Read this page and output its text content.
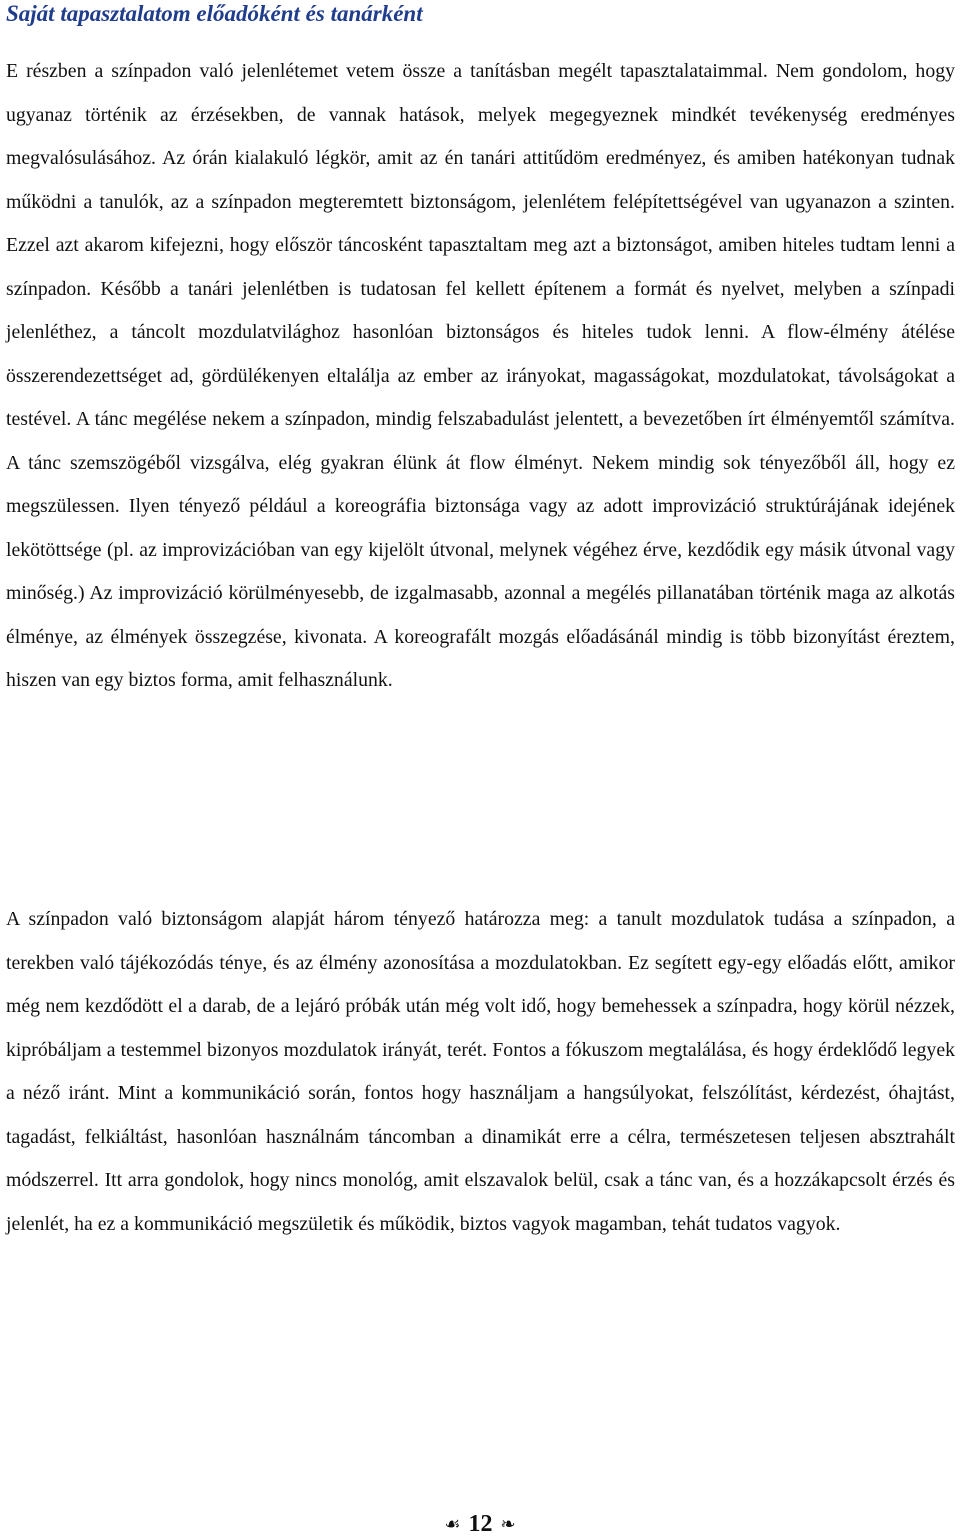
Saját tapasztalatom előadóként és tanárként

E részben a színpadon való jelenlétemet vetem össze a tanításban megélt tapasztalataimmal. Nem gondolom, hogy ugyanaz történik az érzésekben, de vannak hatások, melyek megegyeznek mindkét tevékenység eredményes megvalósulásához. Az órán kialakuló légkör, amit az én tanári attitűdöm eredményez, és amiben hatékonyan tudnak működni a tanulók, az a színpadon megteremtett biztonságom, jelenlétem felépítettségével van ugyanazon a szinten. Ezzel azt akarom kifejezni, hogy először táncosként tapasztaltam meg azt a biztonságot, amiben hiteles tudtam lenni a színpadon. Később a tanári jelenlétben is tudatosan fel kellett építenem a formát és nyelvet, melyben a színpadi jelenléthez, a táncolt mozdulatvilághoz hasonlóan biztonságos és hiteles tudok lenni. A flow-élmény átélése összerendezettséget ad, gördülékenyen eltalálja az ember az irányokat, magasságokat, mozdulatokat, távolságokat a testével. A tánc megélése nekem a színpadon, mindig felszabadulást jelentett, a bevezetőben írt élményemtől számítva. A tánc szemszögéből vizsgálva, elég gyakran élünk át flow élményt. Nekem mindig sok tényezőből áll, hogy ez megszülessen. Ilyen tényező például a koreográfia biztonsága vagy az adott improvizáció struktúrájának idejének lekötöttsége (pl. az improvizációban van egy kijelölt útvonal, melynek végéhez érve, kezdődik egy másik útvonal vagy minőség.) Az improvizáció körülményesebb, de izgalmasabb, azonnal a megélés pillanatában történik maga az alkotás élménye, az élmények összegzése, kivonata. A koreografált mozgás előadásánál mindig is több bizonyítást éreztem, hiszen van egy biztos forma, amit felhasználunk.

A színpadon való biztonságom alapját három tényező határozza meg: a tanult mozdulatok tudása a színpadon, a terekben való tájékozódás ténye, és az élmény azonosítása a mozdulatokban. Ez segített egy-egy előadás előtt, amikor még nem kezdődött el a darab, de a lejáró próbák után még volt idő, hogy bemehessek a színpadra, hogy körül nézzek, kipróbáljam a testemmel bizonyos mozdulatok irányát, terét. Fontos a fókuszom megtalálása, és hogy érdeklődő legyek a néző iránt. Mint a kommunikáció során, fontos hogy használjam a hangsúlyokat, felszólítást, kérdezést, óhajtást, tagadást, felkiáltást, hasonlóan használnám táncomban a dinamikát erre a célra, természetesen teljesen absztrahált módszerrel. Itt arra gondolok, hogy nincs monológ, amit elszavalok belül, csak a tánc van, és a hozzákapcsolt érzés és jelenlét, ha ez a kommunikáció megszületik és működik, biztos vagyok magamban, tehát tudatos vagyok.

☙ 12 ❧
